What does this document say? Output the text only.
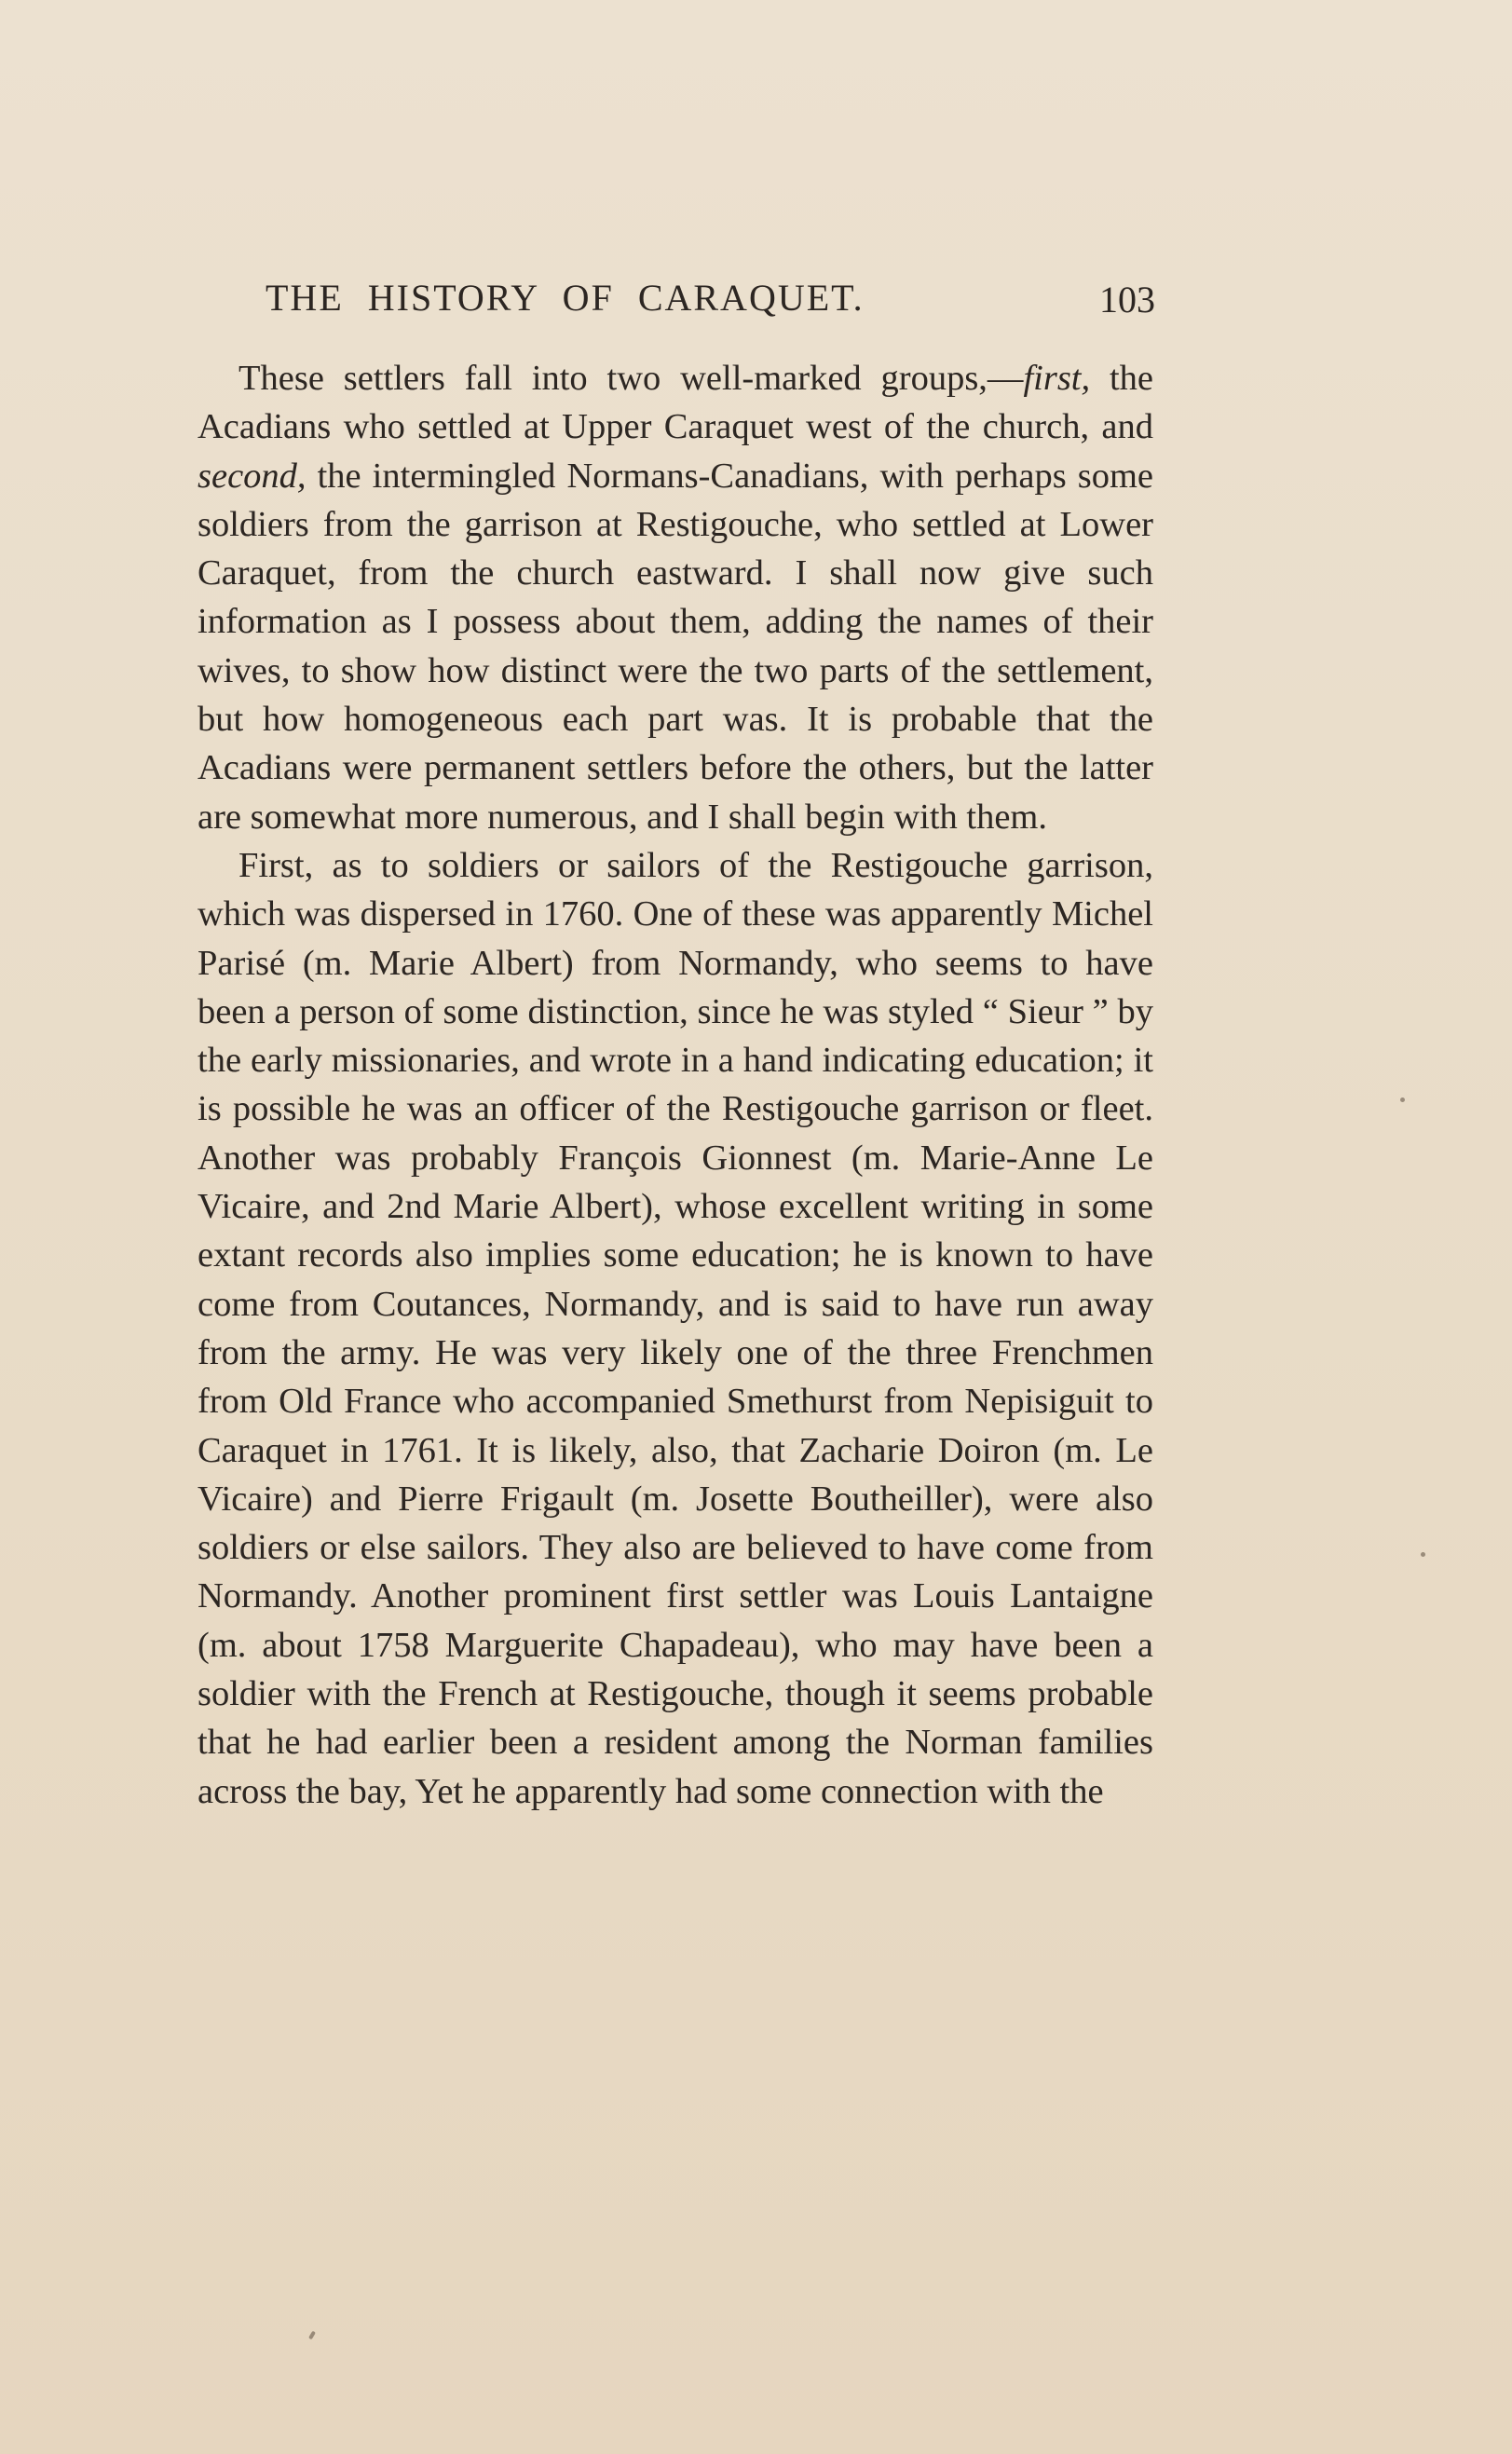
THE HISTORY OF CARAQUET.	103

These settlers fall into two well-marked groups,—first, the Acadians who settled at Upper Caraquet west of the church, and second, the intermingled Normans-Canadians, with perhaps some soldiers from the garrison at Restigouche, who settled at Lower Caraquet, from the church eastward. I shall now give such information as I possess about them, adding the names of their wives, to show how distinct were the two parts of the settlement, but how homogeneous each part was. It is probable that the Acadians were permanent settlers before the others, but the latter are somewhat more numerous, and I shall begin with them.

First, as to soldiers or sailors of the Restigouche garrison, which was dispersed in 1760. One of these was apparently Michel Parisé (m. Marie Albert) from Normandy, who seems to have been a person of some distinction, since he was styled “ Sieur ” by the early missionaries, and wrote in a hand indicating education; it is possible he was an officer of the Restigouche garrison or fleet. Another was probably François Gionnest (m. Marie-Anne Le Vicaire, and 2nd Marie Albert), whose excellent writing in some extant records also implies some education; he is known to have come from Coutances, Normandy, and is said to have run away from the army. He was very likely one of the three Frenchmen from Old France who accompanied Smethurst from Nepisiguit to Caraquet in 1761. It is likely, also, that Zacharie Doiron (m. Le Vicaire) and Pierre Frigault (m. Josette Boutheiller), were also soldiers or else sailors. They also are believed to have come from Normandy. Another prominent first settler was Louis Lantaigne (m. about 1758 Marguerite Chapadeau), who may have been a soldier with the French at Restigouche, though it seems probable that he had earlier been a resident among the Norman families across the bay, Yet he apparently had some connection with the
